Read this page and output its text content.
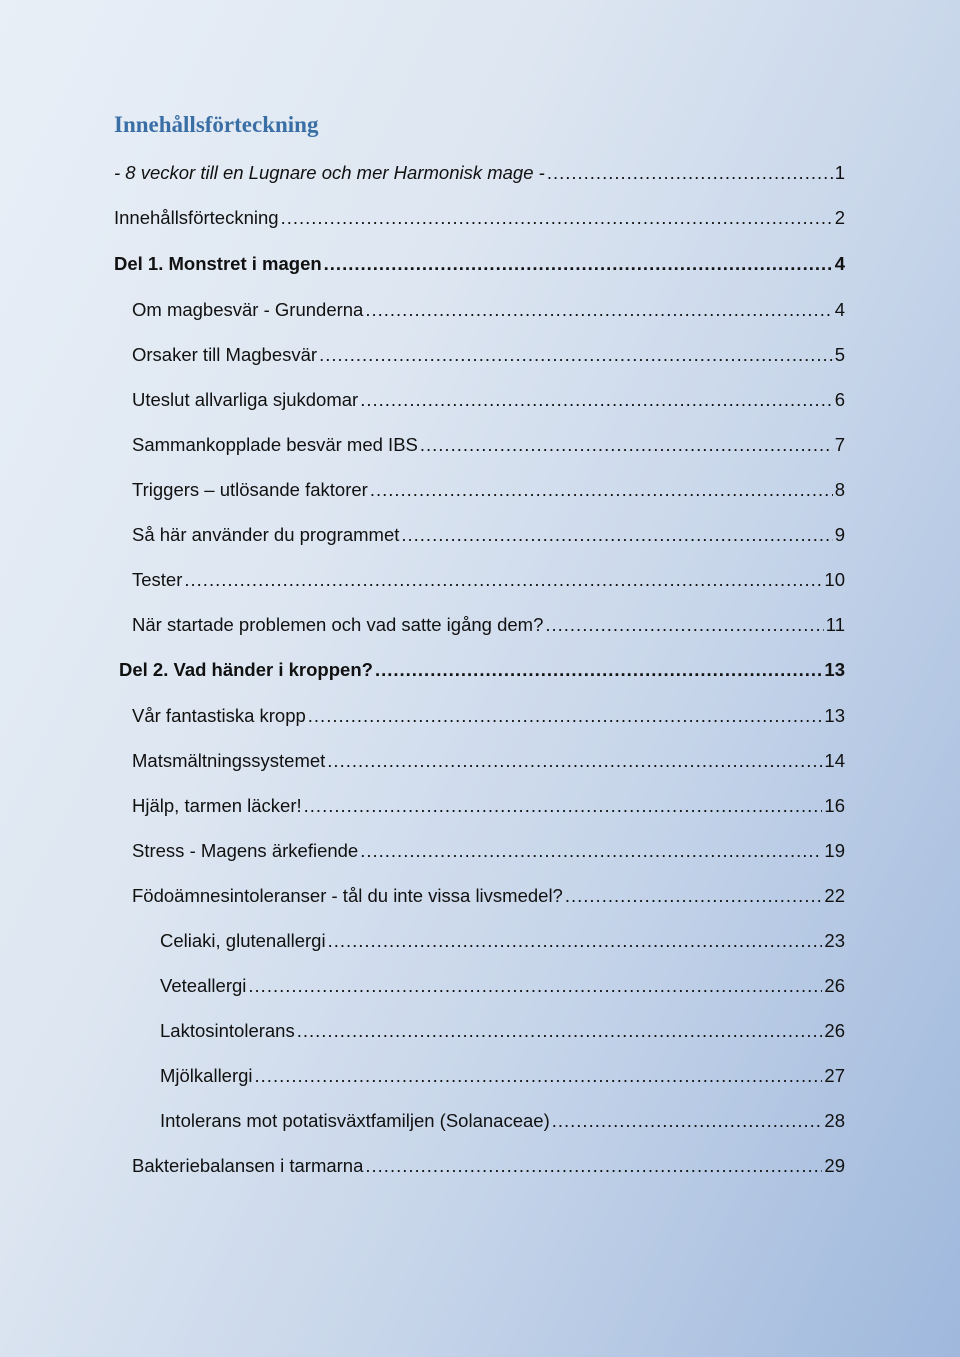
Innehållsförteckning
- 8 veckor till en Lugnare och mer Harmonisk mage - .....	1
Innehållsförteckning .....	2
Del 1. Monstret i magen .....	4
Om magbesvär - Grunderna .....	4
Orsaker till Magbesvär .....	5
Uteslut allvarliga sjukdomar .....	6
Sammankopplade besvär med IBS .....	7
Triggers – utlösande faktorer .....	8
Så här använder du programmet .....	9
Tester .....	10
När startade problemen och vad satte igång dem? .....	11
Del 2. Vad händer i kroppen? .....	13
Vår fantastiska kropp .....	13
Matsmältningssystemet .....	14
Hjälp, tarmen läcker! .....	16
Stress - Magens ärkefiende .....	19
Födoämnesintoleranser - tål du inte vissa livsmedel? .....	22
Celiaki, glutenallergi .....	23
Veteallergi .....	26
Laktosintolerans .....	26
Mjölkallergi .....	27
Intolerans mot potatisväxtfamiljen (Solanaceae) .....	28
Bakteriebalansen i tarmarna .....	29
